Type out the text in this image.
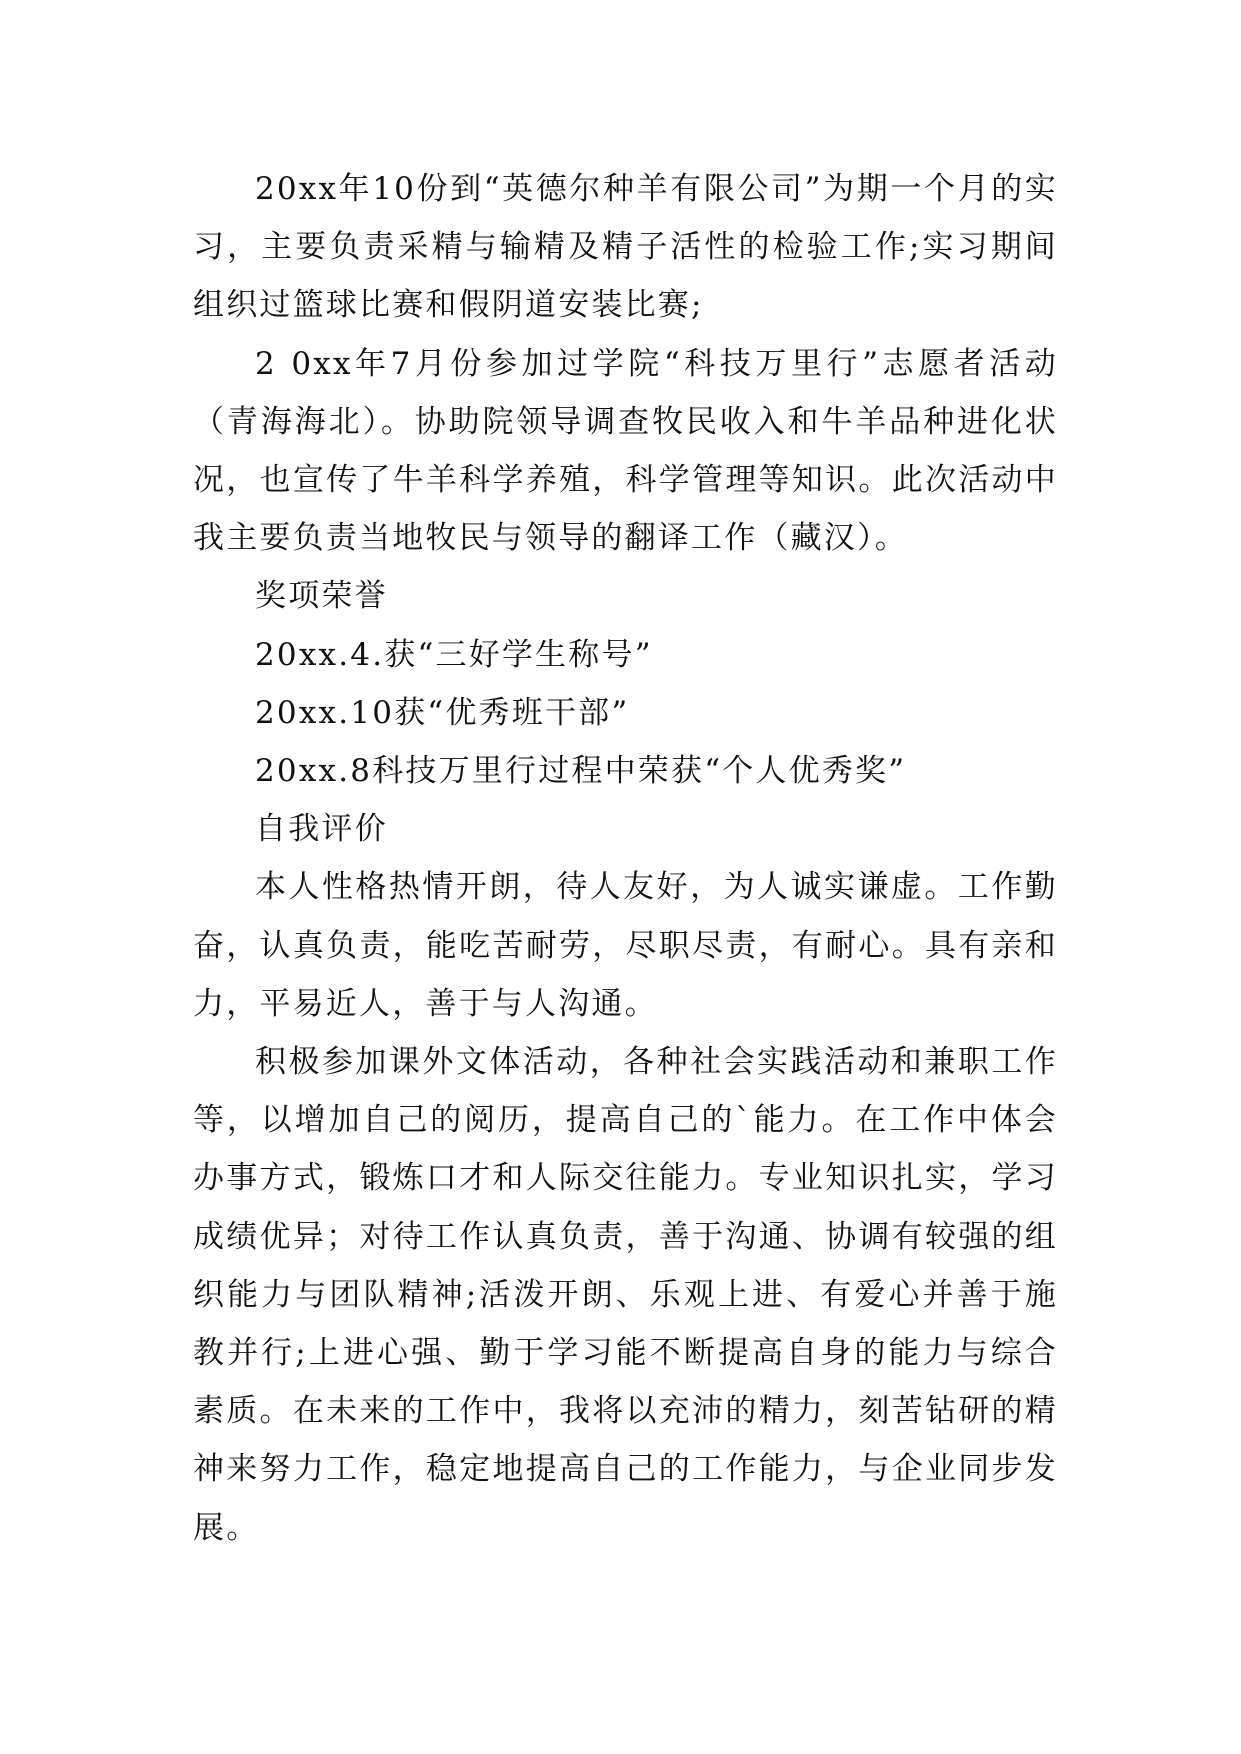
20xx年10份到“英德尔种羊有限公司”为期一个月的实习，主要负责采精与输精及精子活性的检验工作;实习期间组织过篮球比赛和假阴道安装比赛;

2 0xx年7月份参加过学院“科技万里行”志愿者活动（青海海北）。协助院领导调查牧民收入和牛羊品种进化状况，也宣传了牛羊科学养殖，科学管理等知识。此次活动中我主要负责当地牧民与领导的翻译工作（藏汉）。

奖项荣誉

20xx.4.获“三好学生称号”

20xx.10获“优秀班干部”

20xx.8科技万里行过程中荣获“个人优秀奖”

自我评价

本人性格热情开朗，待人友好，为人诚实谦虚。工作勤奋，认真负责，能吃苦耐劳，尽职尽责，有耐心。具有亲和力，平易近人，善于与人沟通。

积极参加课外文体活动，各种社会实践活动和兼职工作等，以增加自己的阅历，提高自己的`能力。在工作中体会办事方式，锻炼口才和人际交往能力。专业知识扎实，学习成绩优异；对待工作认真负责，善于沟通、协调有较强的组织能力与团队精神;活泼开朗、乐观上进、有爱心并善于施教并行;上进心强、勤于学习能不断提高自身的能力与综合素质。在未来的工作中，我将以充沛的精力，刻苦钻研的精神来努力工作，稳定地提高自己的工作能力，与企业同步发展。
